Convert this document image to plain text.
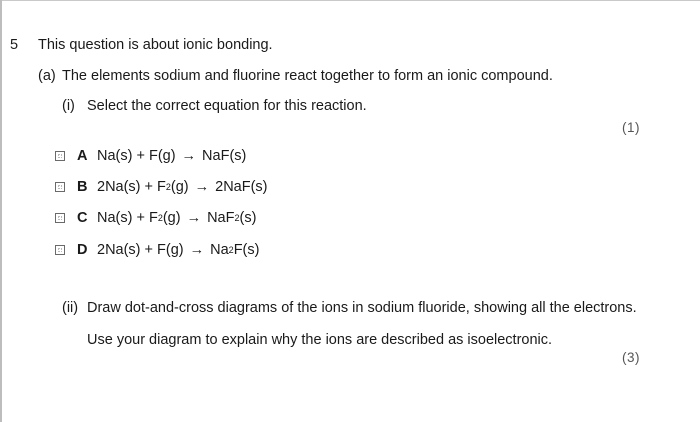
5 This question is about ionic bonding.
(a) The elements sodium and fluorine react together to form an ionic compound.
(i) Select the correct equation for this reaction.
(1)
A Na(s) + F(g) → NaF(s)
B 2Na(s) + F 2 (g) → 2NaF(s)
C Na(s) + F 2 (g) → NaF 2 (s)
D 2Na(s) + F(g) → Na 2 F(s)
(ii) Draw dot-and-cross diagrams of the ions in sodium fluoride, showing all the electrons.
Use your diagram to explain why the ions are described as isoelectronic.
(3)
